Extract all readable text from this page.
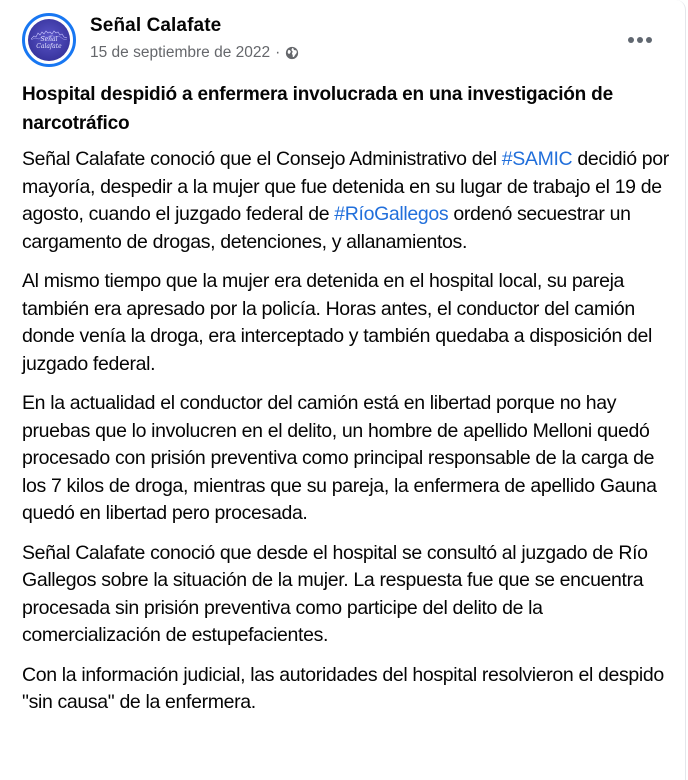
Señal
Calafate
Señal Calafate
15 de septiembre de 2022 ·
Hospital despidió a enfermera involucrada en una investigación de narcotráfico

Señal Calafate conoció que el Consejo Administrativo del #SAMIC decidió por mayoría, despedir a la mujer que fue detenida en su lugar de trabajo el 19 de agosto, cuando el juzgado federal de #RíoGallegos ordenó secuestrar un cargamento de drogas, detenciones, y allanamientos.

Al mismo tiempo que la mujer era detenida en el hospital local, su pareja también era apresado por la policía. Horas antes, el conductor del camión donde venía la droga, era interceptado y también quedaba a disposición del juzgado federal.

En la actualidad el conductor del camión está en libertad porque no hay pruebas que lo involucren en el delito, un hombre de apellido Melloni quedó procesado con prisión preventiva como principal responsable de la carga de los 7 kilos de droga, mientras que su pareja, la enfermera de apellido Gauna quedó en libertad pero procesada.

Señal Calafate conoció que desde el hospital se consultó al juzgado de Río Gallegos sobre la situación de la mujer. La respuesta fue que se encuentra procesada sin prisión preventiva como participe del delito de la comercialización de estupefacientes.

Con la información judicial, las autoridades del hospital resolvieron el despido "sin causa" de la enfermera.
